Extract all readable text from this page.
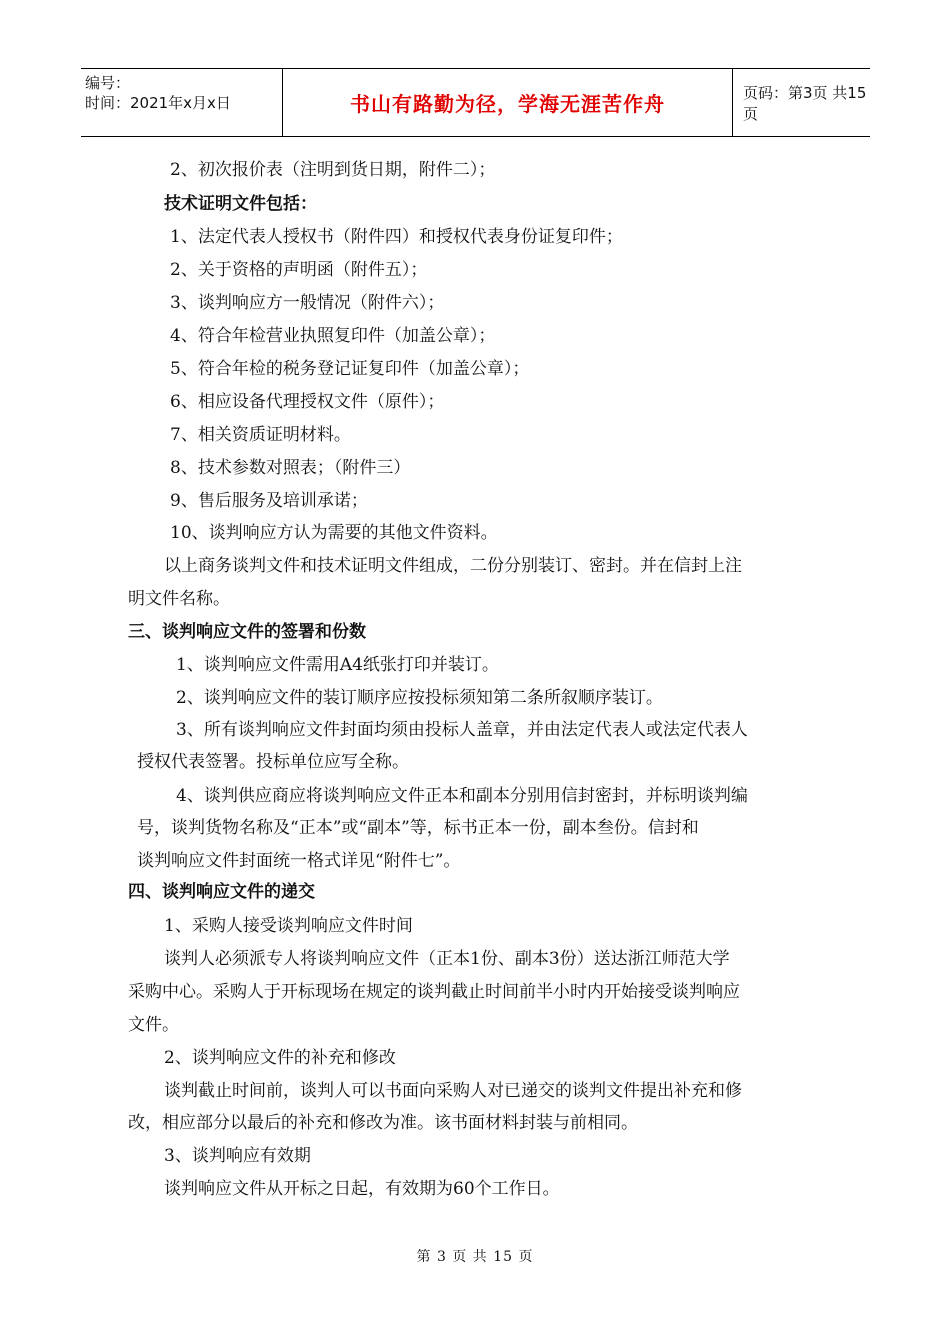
编号：
时间：2021年x月x日	书山有路勤为径，学海无涯苦作舟	页码：第3页 共15页
2、初次报价表（注明到货日期，附件二）；
技术证明文件包括：
1、法定代表人授权书（附件四）和授权代表身份证复印件；
2、关于资格的声明函（附件五）；
3、谈判响应方一般情况（附件六）；
4、符合年检营业执照复印件（加盖公章）；
5、符合年检的税务登记证复印件（加盖公章）；
6、相应设备代理授权文件（原件）；
7、相关资质证明材料。
8、技术参数对照表；（附件三）
9、售后服务及培训承诺；
10、谈判响应方认为需要的其他文件资料。
以上商务谈判文件和技术证明文件组成，二份分别装订、密封。并在信封上注
明文件名称。
三、谈判响应文件的签署和份数
1、谈判响应文件需用A4纸张打印并装订。
2、谈判响应文件的装订顺序应按投标须知第二条所叙顺序装订。
3、所有谈判响应文件封面均须由投标人盖章，并由法定代表人或法定代表人
授权代表签署。投标单位应写全称。
4、谈判供应商应将谈判响应文件正本和副本分别用信封密封，并标明谈判编
号，谈判货物名称及“正本”或“副本”等，标书正本一份，副本叁份。信封和
谈判响应文件封面统一格式详见“附件七”。
四、谈判响应文件的递交
1、采购人接受谈判响应文件时间
谈判人必须派专人将谈判响应文件（正本1份、副本3份）送达浙江师范大学
采购中心。采购人于开标现场在规定的谈判截止时间前半小时内开始接受谈判响应
文件。
2、谈判响应文件的补充和修改
谈判截止时间前，谈判人可以书面向采购人对已递交的谈判文件提出补充和修
改，相应部分以最后的补充和修改为准。该书面材料封装与前相同。
3、谈判响应有效期
谈判响应文件从开标之日起，有效期为60个工作日。
第 3 页 共 15 页
